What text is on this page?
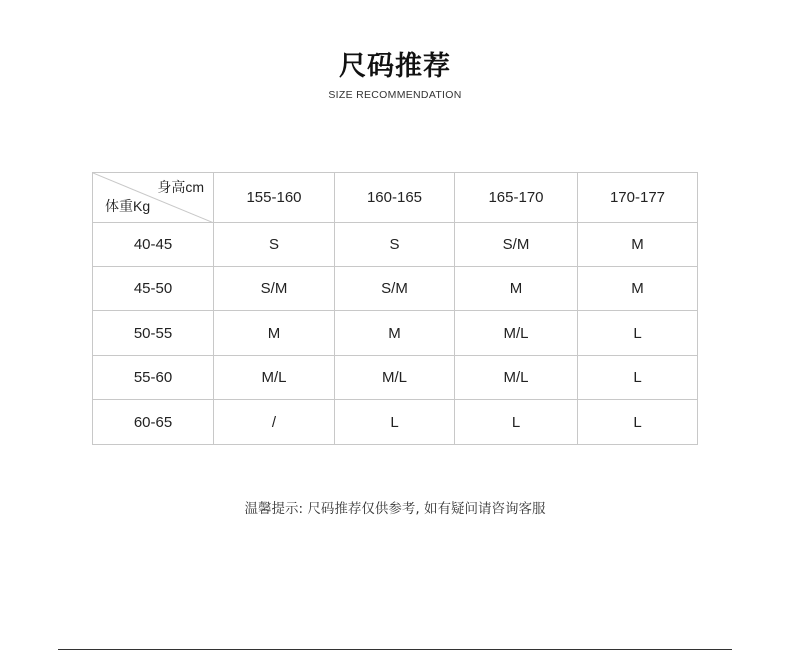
尺码推荐
SIZE RECOMMENDATION
身高cm
体重Kg	155-160	160-165	165-170	170-177
40-45	S	S	S/M	M
45-50	S/M	S/M	M	M
50-55	M	M	M/L	L
55-60	M/L	M/L	M/L	L
60-65	/	L	L	L
温馨提示: 尺码推荐仅供参考, 如有疑问请咨询客服
